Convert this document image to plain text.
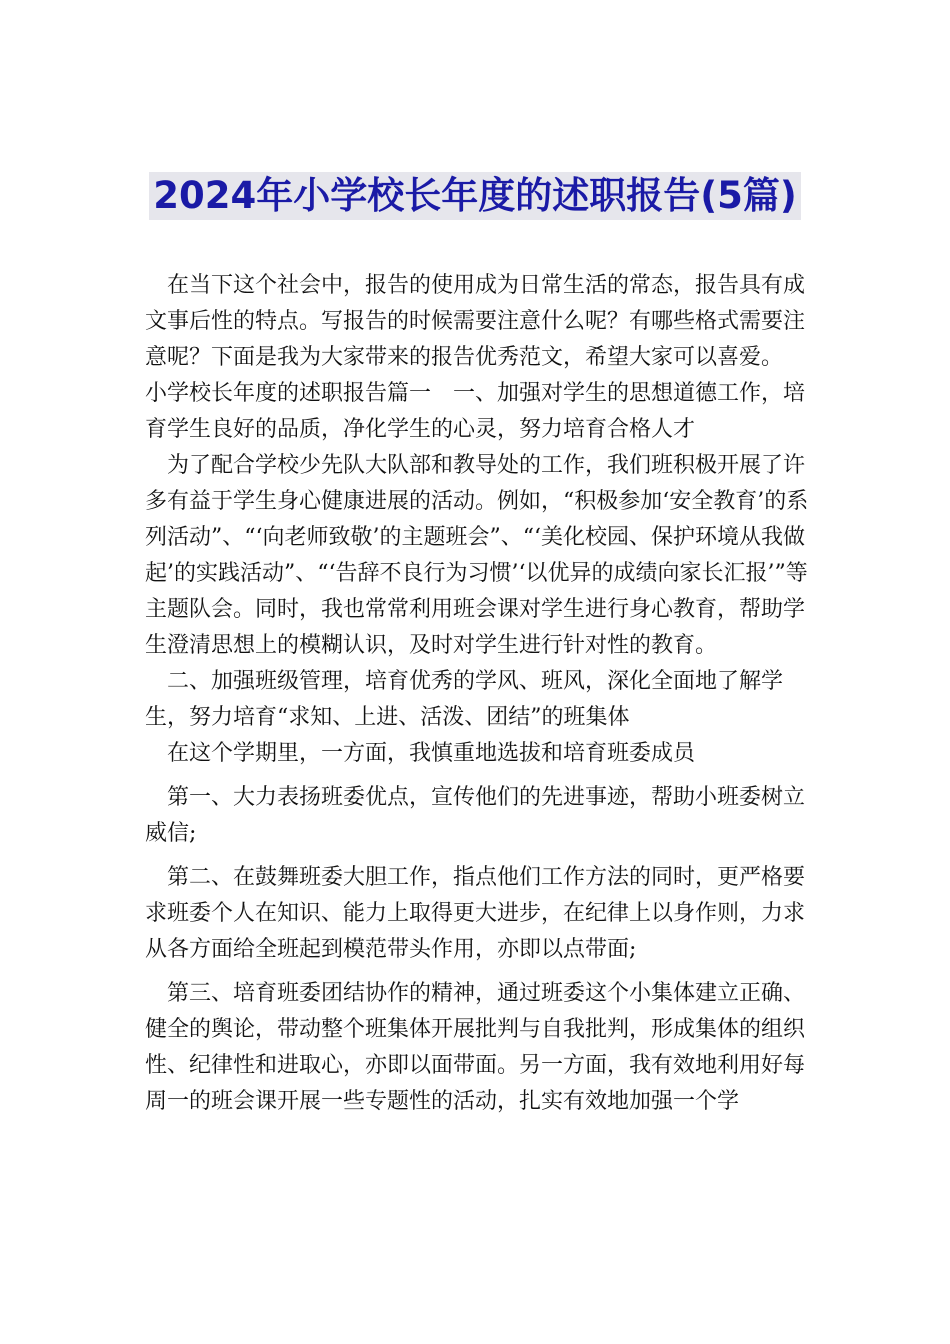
2024年小学校长年度的述职报告(5篇)

　在当下这个社会中，报告的使用成为日常生活的常态，报告具有成文事后性的特点。写报告的时候需要注意什么呢？有哪些格式需要注意呢？下面是我为大家带来的报告优秀范文，希望大家可以喜爱。

小学校长年度的述职报告篇一　一、加强对学生的思想道德工作，培育学生良好的品质，净化学生的心灵，努力培育合格人才

　为了配合学校少先队大队部和教导处的工作，我们班积极开展了许多有益于学生身心健康进展的活动。例如，“积极参加‘安全教育’的系列活动”、“‘向老师致敬’的主题班会”、“‘美化校园、保护环境从我做起’的实践活动”、“‘告辞不良行为习惯’‘以优异的成绩向家长汇报’”等主题队会。同时，我也常常利用班会课对学生进行身心教育，帮助学生澄清思想上的模糊认识，及时对学生进行针对性的教育。

　二、加强班级管理，培育优秀的学风、班风，深化全面地了解学生，努力培育“求知、上进、活泼、团结”的班集体

　在这个学期里，一方面，我慎重地选拔和培育班委成员

　第一、大力表扬班委优点，宣传他们的先进事迹，帮助小班委树立威信;

　第二、在鼓舞班委大胆工作，指点他们工作方法的同时，更严格要求班委个人在知识、能力上取得更大进步，在纪律上以身作则，力求从各方面给全班起到模范带头作用，亦即以点带面;

　第三、培育班委团结协作的精神，通过班委这个小集体建立正确、健全的舆论，带动整个班集体开展批判与自我批判，形成集体的组织性、纪律性和进取心，亦即以面带面。另一方面，我有效地利用好每周一的班会课开展一些专题性的活动，扎实有效地加强一个学
